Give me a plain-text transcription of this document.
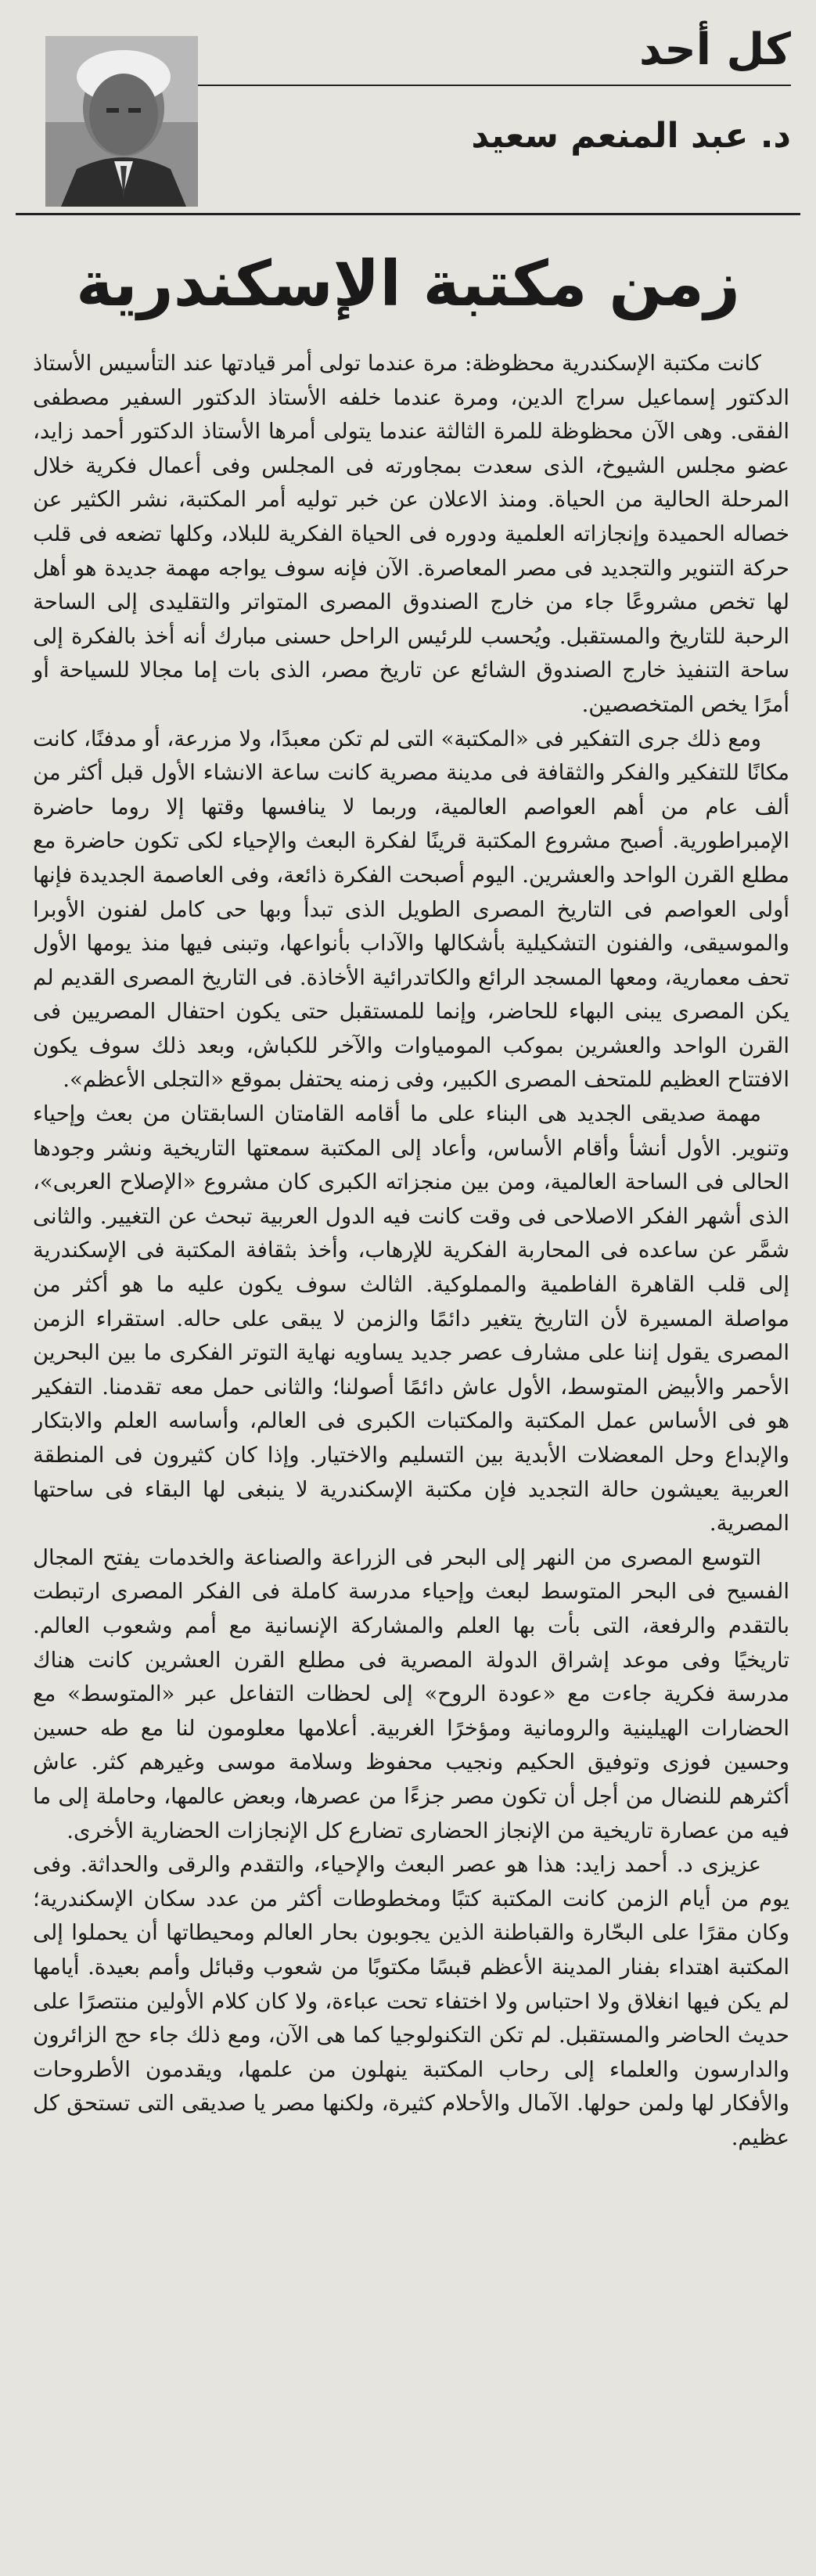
كل أحد
د. عبد المنعم سعيد
زمن مكتبة الإسكندرية

كانت مكتبة الإسكندرية محظوظة: مرة عندما تولى أمر قيادتها عند التأسيس الأستاذ الدكتور إسماعيل سراج الدين، ومرة عندما خلفه الأستاذ الدكتور السفير مصطفى الفقى. وهى الآن محظوظة للمرة الثالثة عندما يتولى أمرها الأستاذ الدكتور أحمد زايد، عضو مجلس الشيوخ، الذى سعدت بمجاورته فى المجلس وفى أعمال فكرية خلال المرحلة الحالية من الحياة. ومنذ الاعلان عن خبر توليه أمر المكتبة، نشر الكثير عن خصاله الحميدة وإنجازاته العلمية ودوره فى الحياة الفكرية للبلاد، وكلها تضعه فى قلب حركة التنوير والتجديد فى مصر المعاصرة. الآن فإنه سوف يواجه مهمة جديدة هو أهل لها تخص مشروعًا جاء من خارج الصندوق المصرى المتواتر والتقليدى إلى الساحة الرحبة للتاريخ والمستقبل. ويُحسب للرئيس الراحل حسنى مبارك أنه أخذ بالفكرة إلى ساحة التنفيذ خارج الصندوق الشائع عن تاريخ مصر، الذى بات إما مجالا للسياحة أو أمرًا يخص المتخصصين.

ومع ذلك جرى التفكير فى «المكتبة» التى لم تكن معبدًا، ولا مزرعة، أو مدفنًا، كانت مكانًا للتفكير والفكر والثقافة فى مدينة مصرية كانت ساعة الانشاء الأول قبل أكثر من ألف عام من أهم العواصم العالمية، وربما لا ينافسها وقتها إلا روما حاضرة الإمبراطورية. أصبح مشروع المكتبة قرينًا لفكرة البعث والإحياء لكى تكون حاضرة مع مطلع القرن الواحد والعشرين. اليوم أصبحت الفكرة ذائعة، وفى العاصمة الجديدة فإنها أولى العواصم فى التاريخ المصرى الطويل الذى تبدأ وبها حى كامل لفنون الأوبرا والموسيقى، والفنون التشكيلية بأشكالها والآداب بأنواعها، وتبنى فيها منذ يومها الأول تحف معمارية، ومعها المسجد الرائع والكاتدرائية الأخاذة. فى التاريخ المصرى القديم لم يكن المصرى يبنى البهاء للحاضر، وإنما للمستقبل حتى يكون احتفال المصريين فى القرن الواحد والعشرين بموكب المومياوات والآخر للكباش، وبعد ذلك سوف يكون الافتتاح العظيم للمتحف المصرى الكبير، وفى زمنه يحتفل بموقع «التجلى الأعظم».

مهمة صديقى الجديد هى البناء على ما أقامه القامتان السابقتان من بعث وإحياء وتنوير. الأول أنشأ وأقام الأساس، وأعاد إلى المكتبة سمعتها التاريخية ونشر وجودها الحالى فى الساحة العالمية، ومن بين منجزاته الكبرى كان مشروع «الإصلاح العربى»، الذى أشهر الفكر الاصلاحى فى وقت كانت فيه الدول العربية تبحث عن التغيير. والثانى شمَّر عن ساعده فى المحاربة الفكرية للإرهاب، وأخذ بثقافة المكتبة فى الإسكندرية إلى قلب القاهرة الفاطمية والمملوكية. الثالث سوف يكون عليه ما هو أكثر من مواصلة المسيرة لأن التاريخ يتغير دائمًا والزمن لا يبقى على حاله. استقراء الزمن المصرى يقول إننا على مشارف عصر جديد يساويه نهاية التوتر الفكرى ما بين البحرين الأحمر والأبيض المتوسط، الأول عاش دائمًا أصولنا؛ والثانى حمل معه تقدمنا. التفكير هو فى الأساس عمل المكتبة والمكتبات الكبرى فى العالم، وأساسه العلم والابتكار والإبداع وحل المعضلات الأبدية بين التسليم والاختيار. وإذا كان كثيرون فى المنطقة العربية يعيشون حالة التجديد فإن مكتبة الإسكندرية لا ينبغى لها البقاء فى ساحتها المصرية.

التوسع المصرى من النهر إلى البحر فى الزراعة والصناعة والخدمات يفتح المجال الفسيح فى البحر المتوسط لبعث وإحياء مدرسة كاملة فى الفكر المصرى ارتبطت بالتقدم والرفعة، التى بأت بها العلم والمشاركة الإنسانية مع أمم وشعوب العالم. تاريخيًا وفى موعد إشراق الدولة المصرية فى مطلع القرن العشرين كانت هناك مدرسة فكرية جاءت مع «عودة الروح» إلى لحظات التفاعل عبر «المتوسط» مع الحضارات الهيلينية والرومانية ومؤخرًا الغربية. أعلامها معلومون لنا مع طه حسين وحسين فوزى وتوفيق الحكيم ونجيب محفوظ وسلامة موسى وغيرهم كثر. عاش أكثرهم للنضال من أجل أن تكون مصر جزءًا من عصرها، وبعض عالمها، وحاملة إلى ما فيه من عصارة تاريخية من الإنجاز الحضارى تضارع كل الإنجازات الحضارية الأخرى.

عزيزى د. أحمد زايد: هذا هو عصر البعث والإحياء، والتقدم والرقى والحداثة. وفى يوم من أيام الزمن كانت المكتبة كتبًا ومخطوطات أكثر من عدد سكان الإسكندرية؛ وكان مقرًا على البحّارة والقباطنة الذين يجوبون بحار العالم ومحيطاتها أن يحملوا إلى المكتبة اهتداء بفنار المدينة الأعظم قبسًا مكتوبًا من شعوب وقبائل وأمم بعيدة. أيامها لم يكن فيها انغلاق ولا احتباس ولا اختفاء تحت عباءة، ولا كان كلام الأولين منتصرًا على حديث الحاضر والمستقبل. لم تكن التكنولوجيا كما هى الآن، ومع ذلك جاء حج الزائرون والدارسون والعلماء إلى رحاب المكتبة ينهلون من علمها، ويقدمون الأطروحات والأفكار لها ولمن حولها. الآمال والأحلام كثيرة، ولكنها مصر يا صديقى التى تستحق كل عظيم.
